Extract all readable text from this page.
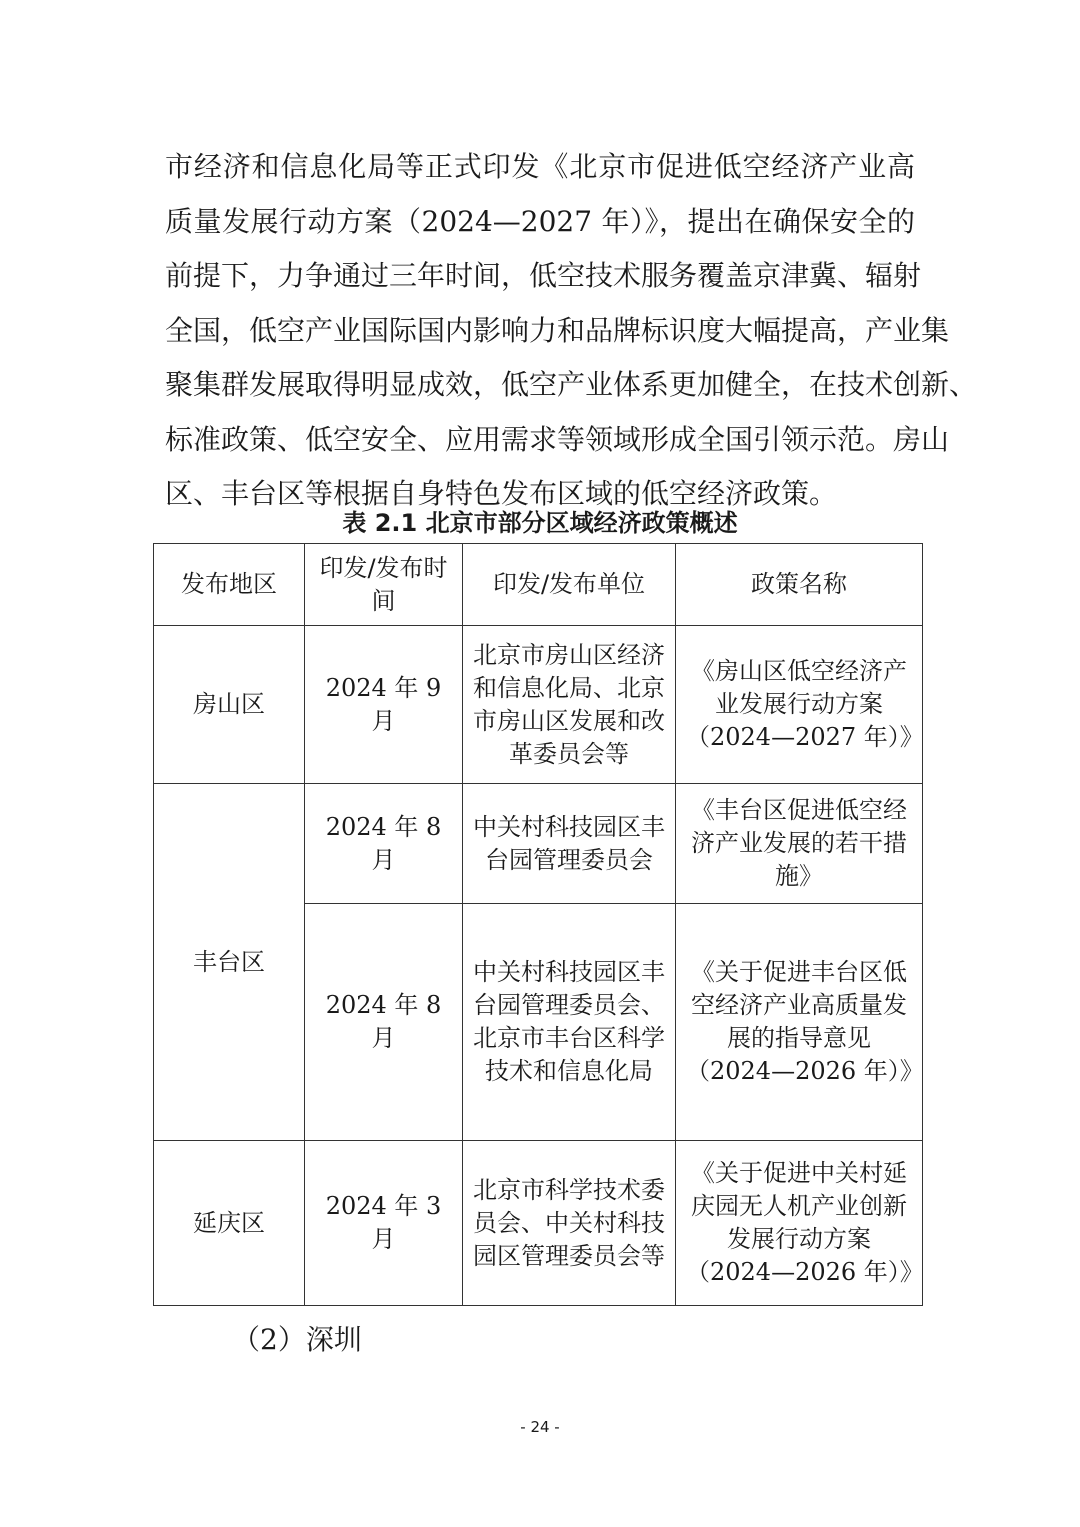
市经济和信息化局等正式印发《北京市促进低空经济产业高
质量发展行动方案（2024—2027 年）》，提出在确保安全的
前提下，力争通过三年时间，低空技术服务覆盖京津冀、辐射
全国，低空产业国际国内影响力和品牌标识度大幅提高，产业集
聚集群发展取得明显成效，低空产业体系更加健全，在技术创新、
标准政策、低空安全、应用需求等领域形成全国引领示范。房山
区、丰台区等根据自身特色发布区域的低空经济政策。
表 2.1 北京市部分区域经济政策概述
发布地区	印发/发布时间	印发/发布单位	政策名称
房山区	2024 年 9 月	北京市房山区经济和信息化局、北京市房山区发展和改革委员会等	《房山区低空经济产业发展行动方案（2024—2027 年）》
丰台区	2024 年 8 月	中关村科技园区丰台园管理委员会	《丰台区促进低空经济产业发展的若干措施》
	2024 年 8 月	中关村科技园区丰台园管理委员会、北京市丰台区科学技术和信息化局	《关于促进丰台区低空经济产业高质量发展的指导意见（2024—2026 年）》
延庆区	2024 年 3 月	北京市科学技术委员会、中关村科技园区管理委员会等	《关于促进中关村延庆园无人机产业创新发展行动方案（2024—2026 年）》
（2）深圳
- 24 -
